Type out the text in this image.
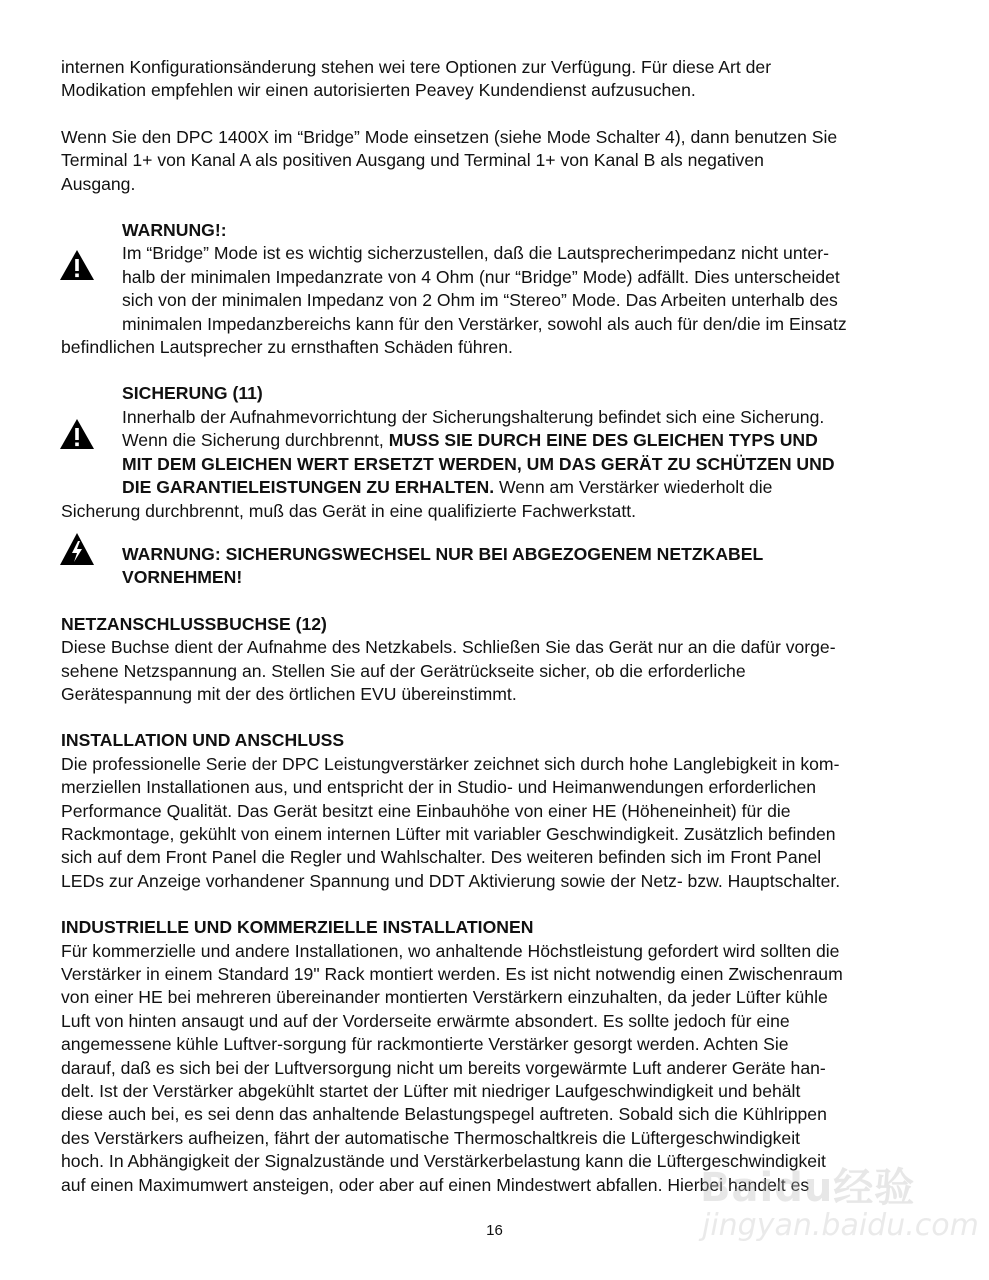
internen Konfigurationsänderung stehen wei tere Optionen zur Verfügung. Für diese Art der
Modikation empfehlen wir einen autorisierten Peavey Kundendienst aufzusuchen.
Wenn Sie den DPC 1400X im “Bridge” Mode einsetzen (siehe Mode Schalter 4), dann benutzen Sie
Terminal 1+ von Kanal A als positiven Ausgang und Terminal 1+ von Kanal B als negativen
Ausgang.
WARNUNG!:
Im “Bridge” Mode ist es wichtig sicherzustellen, daß die Lautsprecherimpedanz nicht unter-
halb der minimalen Impedanzrate von 4 Ohm (nur “Bridge” Mode) adfällt. Dies unterscheidet
sich von der minimalen Impedanz von 2 Ohm im “Stereo” Mode. Das Arbeiten unterhalb des
minimalen Impedanzbereichs kann für den Verstärker, sowohl als auch für den/die im Einsatz
befindlichen Lautsprecher zu ernsthaften Schäden führen.
SICHERUNG (11)
Innerhalb der Aufnahmevorrichtung der Sicherungshalterung befindet sich eine Sicherung.
Wenn die Sicherung durchbrennt, MUSS SIE DURCH EINE DES GLEICHEN TYPS UND
MIT DEM GLEICHEN WERT ERSETZT WERDEN, UM DAS GERÄT ZU SCHÜTZEN UND
DIE GARANTIELEISTUNGEN ZU ERHALTEN. Wenn am Verstärker wiederholt die
Sicherung durchbrennt, muß das Gerät in eine qualifizierte Fachwerkstatt.
WARNUNG: SICHERUNGSWECHSEL NUR BEI ABGEZOGENEM NETZKABEL
VORNEHMEN!
NETZANSCHLUSSBUCHSE (12)
Diese Buchse dient der Aufnahme des Netzkabels. Schließen Sie das Gerät nur an die dafür vorge-
sehene Netzspannung an. Stellen Sie auf der Gerätrückseite sicher, ob die erforderliche
Gerätespannung mit der des örtlichen EVU übereinstimmt.
INSTALLATION UND ANSCHLUSS
Die professionelle Serie der DPC Leistungverstärker zeichnet sich durch hohe Langlebigkeit in kom-
merziellen Installationen aus, und entspricht der in Studio- und Heimanwendungen erforderlichen
Performance Qualität. Das Gerät besitzt eine Einbauhöhe von einer HE (Höheneinheit) für die
Rackmontage, gekühlt von einem internen Lüfter mit variabler Geschwindigkeit. Zusätzlich befinden
sich auf dem Front Panel die Regler und Wahlschalter. Des weiteren befinden sich im Front Panel
LEDs zur Anzeige vorhandener Spannung und DDT Aktivierung sowie der Netz- bzw. Hauptschalter.
INDUSTRIELLE UND KOMMERZIELLE INSTALLATIONEN
Für kommerzielle und andere Installationen, wo anhaltende Höchstleistung gefordert wird sollten die
Verstärker in einem Standard 19" Rack montiert werden. Es ist nicht notwendig einen Zwischenraum
von einer HE bei mehreren übereinander montierten Verstärkern einzuhalten, da jeder Lüfter kühle
Luft von hinten ansaugt und auf der Vorderseite erwärmte absondert. Es sollte jedoch für eine
angemessene kühle Luftver-sorgung für rackmontierte Verstärker gesorgt werden. Achten Sie
darauf, daß es sich bei der Luftversorgung nicht um bereits vorgewärmte Luft anderer Geräte han-
delt. Ist der Verstärker abgekühlt startet der Lüfter mit niedriger Laufgeschwindigkeit und behält
diese auch bei, es sei denn das anhaltende Belastungspegel auftreten. Sobald sich die Kühlrippen
des Verstärkers aufheizen, fährt der automatische Thermoschaltkreis die Lüftergeschwindigkeit
hoch. In Abhängigkeit der Signalzustände und Verstärkerbelastung kann die Lüftergeschwindigkeit
auf einen Maximumwert ansteigen, oder aber auf einen Mindestwert abfallen. Hierbei handelt es
16
Baidu经验
jingyan.baidu.com
